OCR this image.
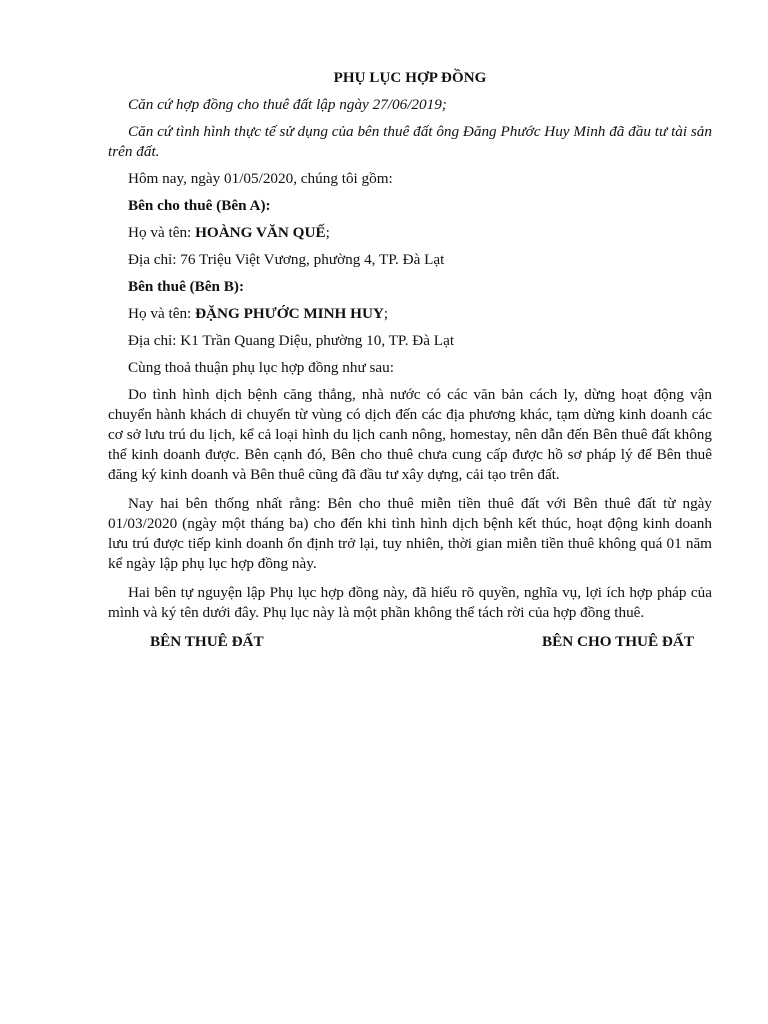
PHỤ LỤC HỢP ĐỒNG
Căn cứ hợp đồng cho thuê đất lập ngày 27/06/2019;
Căn cứ tình hình thực tế sử dụng của bên thuê đất ông Đăng Phước Huy Minh đã đầu tư tài sản trên đất.
Hôm nay, ngày 01/05/2020, chúng tôi gồm:
Bên cho thuê (Bên A):
Họ và tên: HOÀNG VĂN QUẾ;
Địa chỉ: 76 Triệu Việt Vương, phường 4, TP. Đà Lạt
Bên thuê (Bên B):
Họ và tên: ĐẶNG PHƯỚC MINH HUY;
Địa chỉ: K1 Trần Quang Diệu, phường 10, TP. Đà Lạt
Cùng thoả thuận phụ lục hợp đồng như sau:
Do tình hình dịch bệnh căng thẳng, nhà nước có các văn bản cách ly, dừng hoạt động vận chuyển hành khách di chuyển từ vùng có dịch đến các địa phương khác, tạm dừng kinh doanh các cơ sở lưu trú du lịch, kể cả loại hình du lịch canh nông, homestay, nên dẫn đến Bên thuê đất không thể kinh doanh được. Bên cạnh đó, Bên cho thuê chưa cung cấp được hồ sơ pháp lý để Bên thuê đăng ký kinh doanh và Bên thuê cũng đã đầu tư xây dựng, cải tạo trên đất.
Nay hai bên thống nhất rằng: Bên cho thuê miễn tiền thuê đất với Bên thuê đất từ ngày 01/03/2020 (ngày một tháng ba) cho đến khi tình hình dịch bệnh kết thúc, hoạt động kinh doanh lưu trú được tiếp kinh doanh ổn định trở lại, tuy nhiên, thời gian miễn tiền thuê không quá 01 năm kể ngày lập phụ lục hợp đồng này.
Hai bên tự nguyện lập Phụ lục hợp đồng này, đã hiểu rõ quyền, nghĩa vụ, lợi ích hợp pháp của mình và ký tên dưới đây. Phụ lục này là một phần không thể tách rời của hợp đồng thuê.
BÊN THUÊ ĐẤT	BÊN CHO THUÊ ĐẤT
